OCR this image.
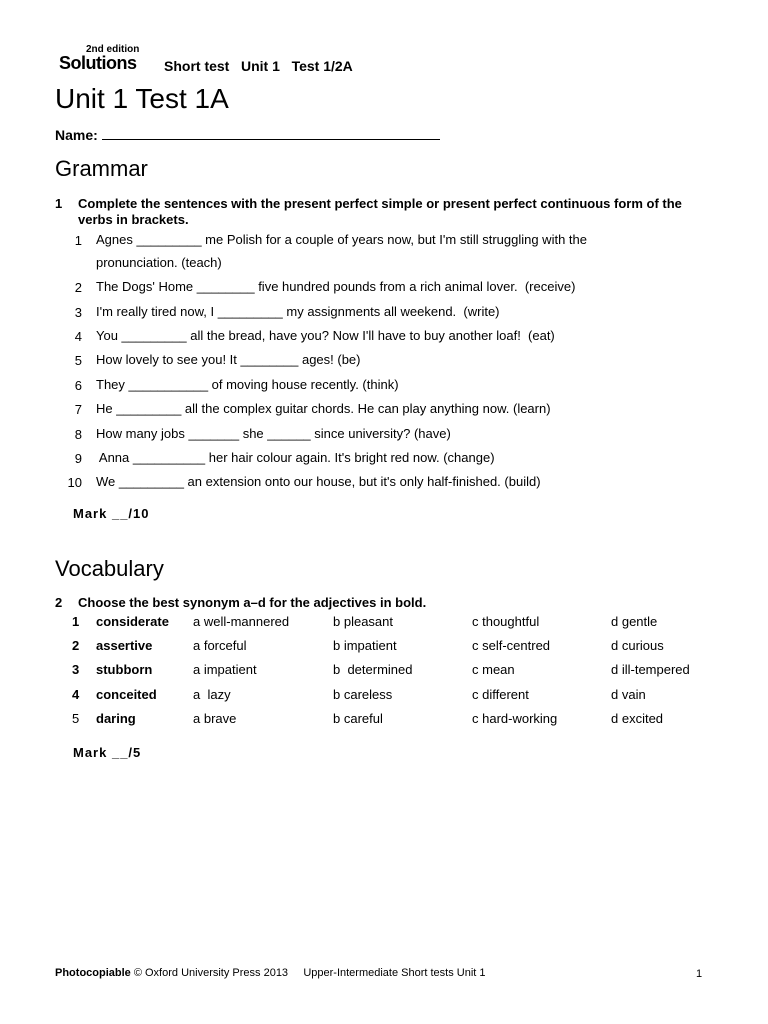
2nd edition
Solutions Short test   Unit 1   Test 1/2A
Unit 1 Test 1A
Name:
Grammar
1 Complete the sentences with the present perfect simple or present perfect continuous form of the verbs in brackets.
1 Agnes _________ me Polish for a couple of years now, but I'm still struggling with the
pronunciation. (teach)
2 The Dogs' Home ________ five hundred pounds from a rich animal lover.  (receive)
3 I'm really tired now, I _________ my assignments all weekend.  (write)
4 You _________ all the bread, have you? Now I'll have to buy another loaf!  (eat)
5 How lovely to see you! It ________ ages! (be)
6 They ___________ of moving house recently. (think)
7 He _________ all the complex guitar chords. He can play anything now. (learn)
8 How many jobs _______ she ______ since university? (have)
9 Anna __________ her hair colour again. It's bright red now. (change)
10 We _________ an extension onto our house, but it's only half-finished. (build)
Mark __/10
Vocabulary
2 Choose the best synonym a–d for the adjectives in bold.
1 considerate a well-mannered	b pleasant	c thoughtful	d gentle
2 assertive	a forceful	b impatient	c self-centred	d curious
3 stubborn	a impatient	b  determined	c mean	d ill-tempered
4 conceited	a  lazy	b careless	c different	d vain
5 daring	a brave	b careful	c hard-working	d excited
Mark __/5
Photocopiable © Oxford University Press 2013     Upper-Intermediate Short tests Unit 1	1
